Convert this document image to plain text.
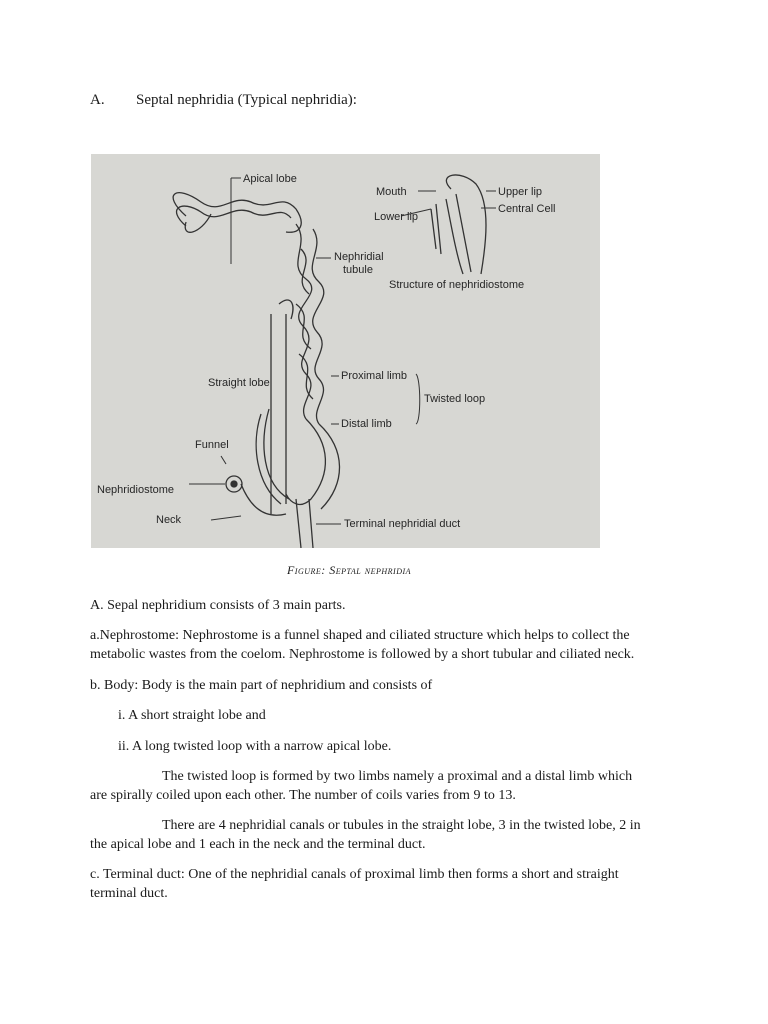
A. Septal nephridia (Typical nephridia):
Apical lobe
Mouth	Upper lip
Central Cell
Lower lip
Nephridial
tubule
Structure of nephridiostome
Proximal limb
Straight lobe
Twisted loop
Distal limb
Funnel
Nephridiostome
Neck	Terminal nephridial duct
Figure: Septal nephridia

A. Sepal nephridium consists of 3 main parts.

a.Nephrostome: Nephrostome is a funnel shaped and ciliated structure which helps to collect the
metabolic wastes from the coelom. Nephrostome is followed by a short tubular and ciliated neck.

b. Body: Body is the main part of nephridium and consists of

i. A short straight lobe and

ii. A long twisted loop with a narrow apical lobe.

The twisted loop is formed by two limbs namely a proximal and a distal limb which
are spirally coiled upon each other. The number of coils varies from 9 to 13.

There are 4 nephridial canals or tubules in the straight lobe, 3 in the twisted lobe, 2 in
the apical lobe and 1 each in the neck and the terminal duct.

c. Terminal duct: One of the nephridial canals of proximal limb then forms a short and straight
terminal duct.
